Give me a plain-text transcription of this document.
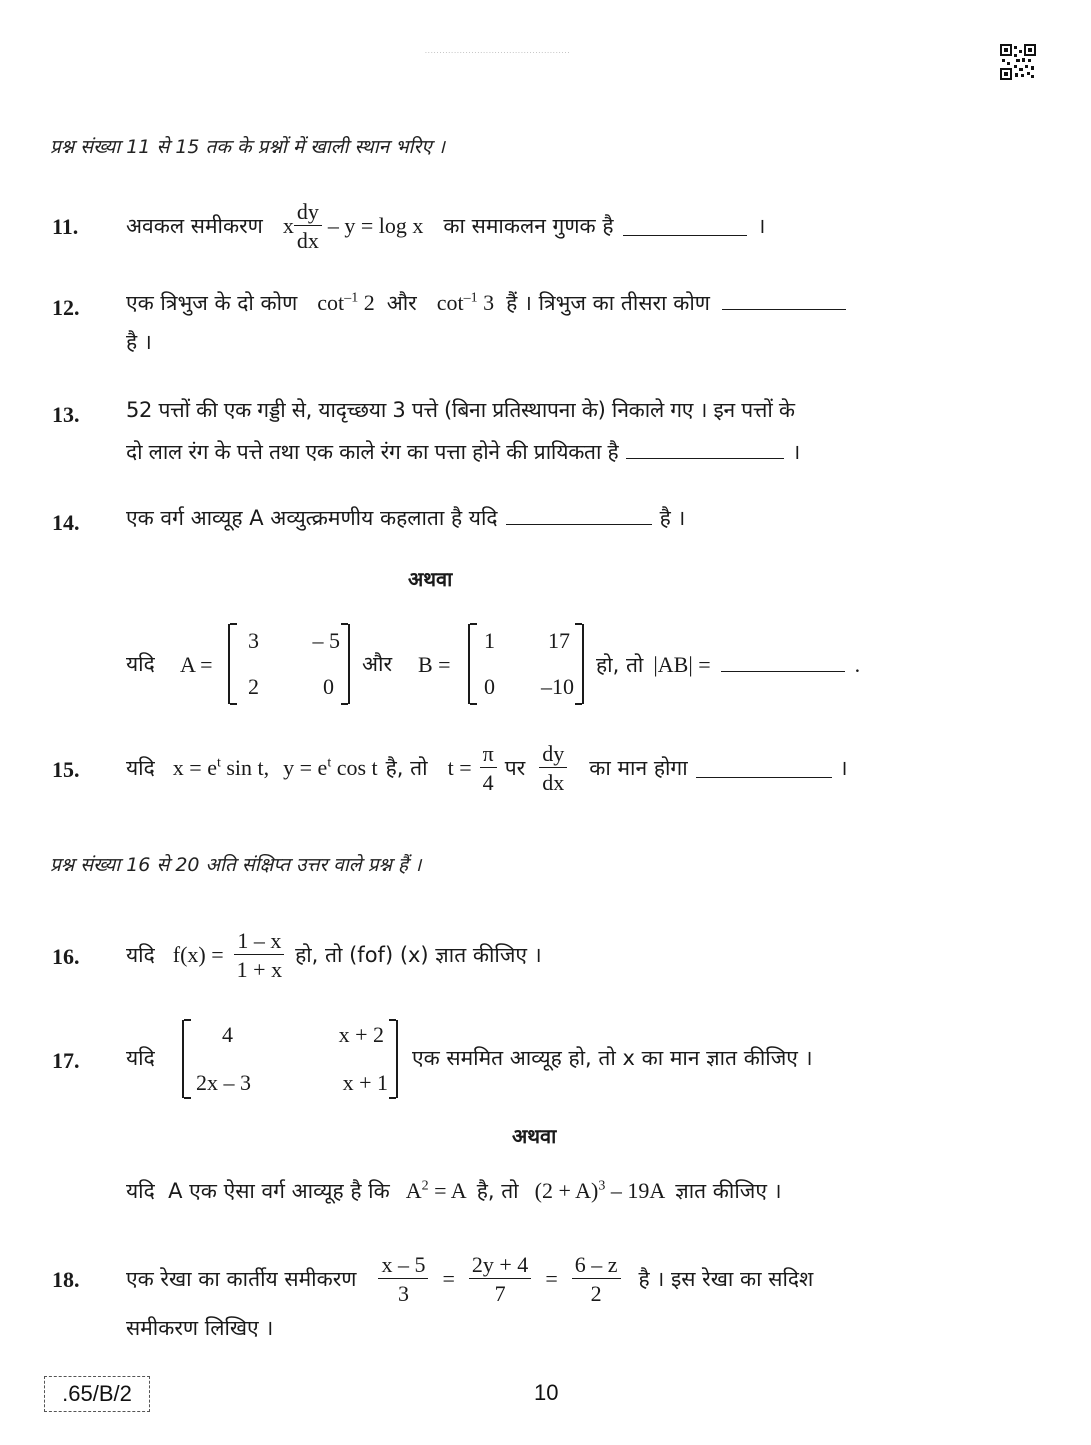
··················································
प्रश्न संख्या 11 से 15 तक के प्रश्नों में खाली स्थान भरिए ।
11. अवकल समीकरण x $\frac{dy}{dx} - y = \log x$ का समाकलन गुणक है	।
12. एक त्रिभुज के दो कोण $\cot^{-1} 2$ और $\cot^{-1} 3$ हैं । त्रिभुज का तीसरा कोण
है ।
13. 52 पत्तों की एक गड्डी से, यादृच्छया 3 पत्ते (बिना प्रतिस्थापना के) निकाले गए । इन पत्तों के
दो लाल रंग के पत्ते तथा एक काले रंग का पत्ता होने की प्रायिकता है	।
14. एक वर्ग आव्यूह A अव्युत्क्रमणीय कहलाता है यदि	है ।
अथवा
यदि A =
3 – 5
2	0
और B =
1 17
0 –10
हो, तो |AB| =	.
15. यदि $x = e^t$ sin t, $y = e^t$ cos t है, तो $t = \frac{\pi}{4}$ पर $\frac{dy}{dx}$ का मान होगा	।
प्रश्न संख्या 16 से 20 अति संक्षिप्त उत्तर वाले प्रश्न हैं ।
16. यदि $f(x) = \frac{1 - x}{1 + x}$ हो, तो (fof) (x) ज्ञात कीजिए ।
17. यदि
4	x + 2
2x – 3	x + 1
एक सममित आव्यूह हो, तो x का मान ज्ञात कीजिए ।
अथवा
यदि  A एक ऐसा वर्ग आव्यूह है कि $A^2 = A$ है, तो $(2 + A)^3 - 19A$ ज्ञात कीजिए ।
18. एक रेखा का कार्तीय समीकरण $\frac{x - 5}{3} = \frac{2y + 4}{7} = \frac{6 - z}{2}$ है । इस रेखा का सदिश
समीकरण लिखिए ।
.65/B/2	10
